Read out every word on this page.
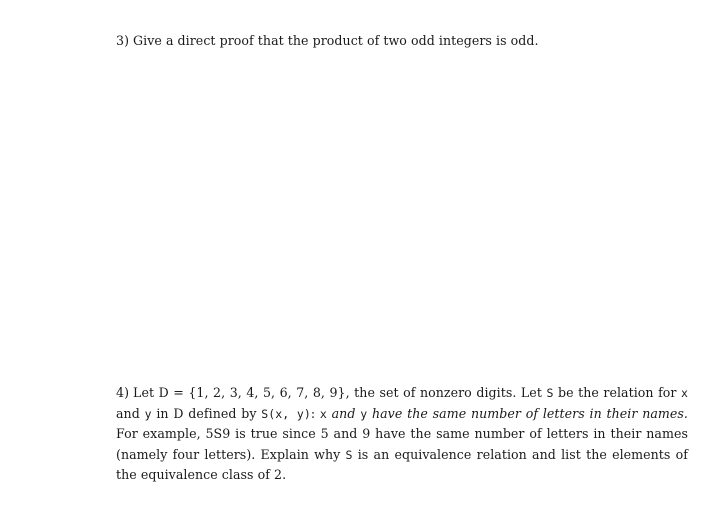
3) Give a direct proof that the product of two odd integers is odd.

4) Let D = {1, 2, 3, 4, 5, 6, 7, 8, 9}, the set of nonzero digits. Let S be the relation for x and y in D defined by S(x, y): x and y have the same number of letters in their names. For example, 5S9 is true since 5 and 9 have the same number of letters in their names (namely four letters). Explain why S is an equivalence relation and list the elements of the equivalence class of 2.
